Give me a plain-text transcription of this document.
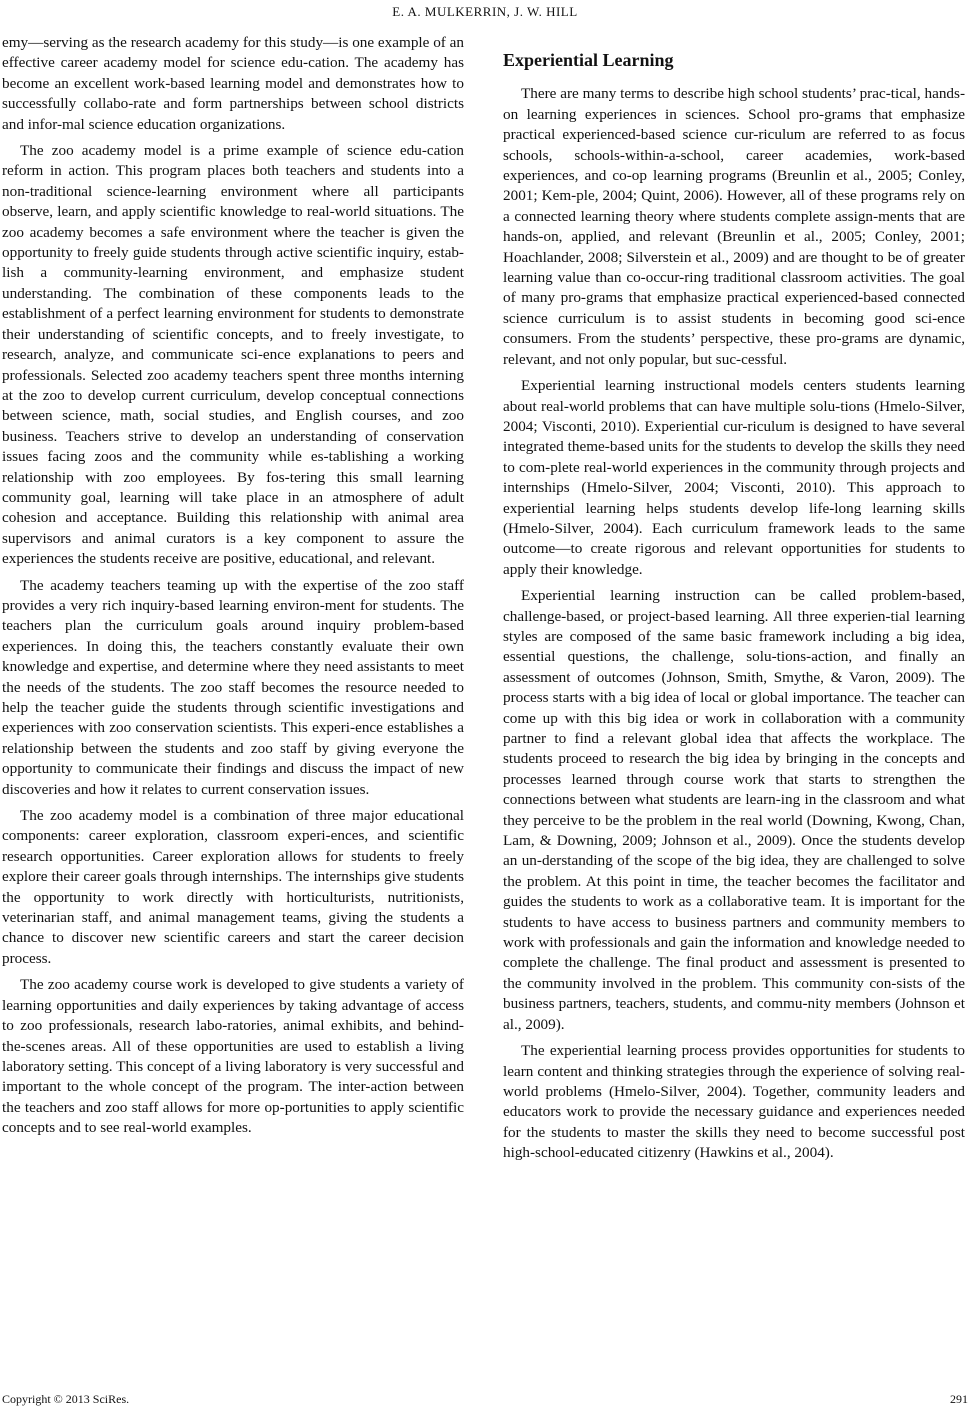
E. A. MULKERRIN, J. W. HILL

emy—serving as the research academy for this study—is one example of an effective career academy model for science edu-cation. The academy has become an excellent work-based learning model and demonstrates how to successfully collabo-rate and form partnerships between school districts and infor-mal science education organizations.

The zoo academy model is a prime example of science edu-cation reform in action. This program places both teachers and students into a non-traditional science-learning environment where all participants observe, learn, and apply scientific knowledge to real-world situations. The zoo academy becomes a safe environment where the teacher is given the opportunity to freely guide students through active scientific inquiry, estab-lish a community-learning environment, and emphasize student understanding. The combination of these components leads to the establishment of a perfect learning environment for students to demonstrate their understanding of scientific concepts, and to freely investigate, to research, analyze, and communicate sci-ence explanations to peers and professionals. Selected zoo academy teachers spent three months interning at the zoo to develop current curriculum, develop conceptual connections between science, math, social studies, and English courses, and zoo business. Teachers strive to develop an understanding of conservation issues facing zoos and the community while es-tablishing a working relationship with zoo employees. By fos-tering this small learning community goal, learning will take place in an atmosphere of adult cohesion and acceptance. Building this relationship with animal area supervisors and animal curators is a key component to assure the experiences the students receive are positive, educational, and relevant.

The academy teachers teaming up with the expertise of the zoo staff provides a very rich inquiry-based learning environ-ment for students. The teachers plan the curriculum goals around inquiry problem-based experiences. In doing this, the teachers constantly evaluate their own knowledge and expertise, and determine where they need assistants to meet the needs of the students. The zoo staff becomes the resource needed to help the teacher guide the students through scientific investigations and experiences with zoo conservation scientists. This experi-ence establishes a relationship between the students and zoo staff by giving everyone the opportunity to communicate their findings and discuss the impact of new discoveries and how it relates to current conservation issues.

The zoo academy model is a combination of three major educational components: career exploration, classroom experi-ences, and scientific research opportunities. Career exploration allows for students to freely explore their career goals through internships. The internships give students the opportunity to work directly with horticulturists, nutritionists, veterinarian staff, and animal management teams, giving the students a chance to discover new scientific careers and start the career decision process.

The zoo academy course work is developed to give students a variety of learning opportunities and daily experiences by taking advantage of access to zoo professionals, research labo-ratories, animal exhibits, and behind-the-scenes areas. All of these opportunities are used to establish a living laboratory setting. This concept of a living laboratory is very successful and important to the whole concept of the program. The inter-action between the teachers and zoo staff allows for more op-portunities to apply scientific concepts and to see real-world examples.

Experiential Learning

There are many terms to describe high school students’ prac-tical, hands-on learning experiences in sciences. School pro-grams that emphasize practical experienced-based science cur-riculum are referred to as focus schools, schools-within-a-school, career academies, work-based experiences, and co-op learning programs (Breunlin et al., 2005; Conley, 2001; Kem-ple, 2004; Quint, 2006). However, all of these programs rely on a connected learning theory where students complete assign-ments that are hands-on, applied, and relevant (Breunlin et al., 2005; Conley, 2001; Hoachlander, 2008; Silverstein et al., 2009) and are thought to be of greater learning value than co-occur-ring traditional classroom activities. The goal of many pro-grams that emphasize practical experienced-based connected science curriculum is to assist students in becoming good sci-ence consumers. From the students’ perspective, these pro-grams are dynamic, relevant, and not only popular, but suc-cessful.

Experiential learning instructional models centers students learning about real-world problems that can have multiple solu-tions (Hmelo-Silver, 2004; Visconti, 2010). Experiential cur-riculum is designed to have several integrated theme-based units for the students to develop the skills they need to com-plete real-world experiences in the community through projects and internships (Hmelo-Silver, 2004; Visconti, 2010). This approach to experiential learning helps students develop life-long learning skills (Hmelo-Silver, 2004). Each curriculum framework leads to the same outcome—to create rigorous and relevant opportunities for students to apply their knowledge.

Experiential learning instruction can be called problem-based, challenge-based, or project-based learning. All three experien-tial learning styles are composed of the same basic framework including a big idea, essential questions, the challenge, solu-tions-action, and finally an assessment of outcomes (Johnson, Smith, Smythe, & Varon, 2009). The process starts with a big idea of local or global importance. The teacher can come up with this big idea or work in collaboration with a community partner to find a relevant global idea that affects the workplace. The students proceed to research the big idea by bringing in the concepts and processes learned through course work that starts to strengthen the connections between what students are learn-ing in the classroom and what they perceive to be the problem in the real world (Downing, Kwong, Chan, Lam, & Downing, 2009; Johnson et al., 2009). Once the students develop an un-derstanding of the scope of the big idea, they are challenged to solve the problem. At this point in time, the teacher becomes the facilitator and guides the students to work as a collaborative team. It is important for the students to have access to business partners and community members to work with professionals and gain the information and knowledge needed to complete the challenge. The final product and assessment is presented to the community involved in the problem. This community con-sists of the business partners, teachers, students, and commu-nity members (Johnson et al., 2009).

The experiential learning process provides opportunities for students to learn content and thinking strategies through the experience of solving real-world problems (Hmelo-Silver, 2004). Together, community leaders and educators work to provide the necessary guidance and experiences needed for the students to master the skills they need to become successful post high-school-educated citizenry (Hawkins et al., 2004).

Copyright © 2013 SciRes.	291
